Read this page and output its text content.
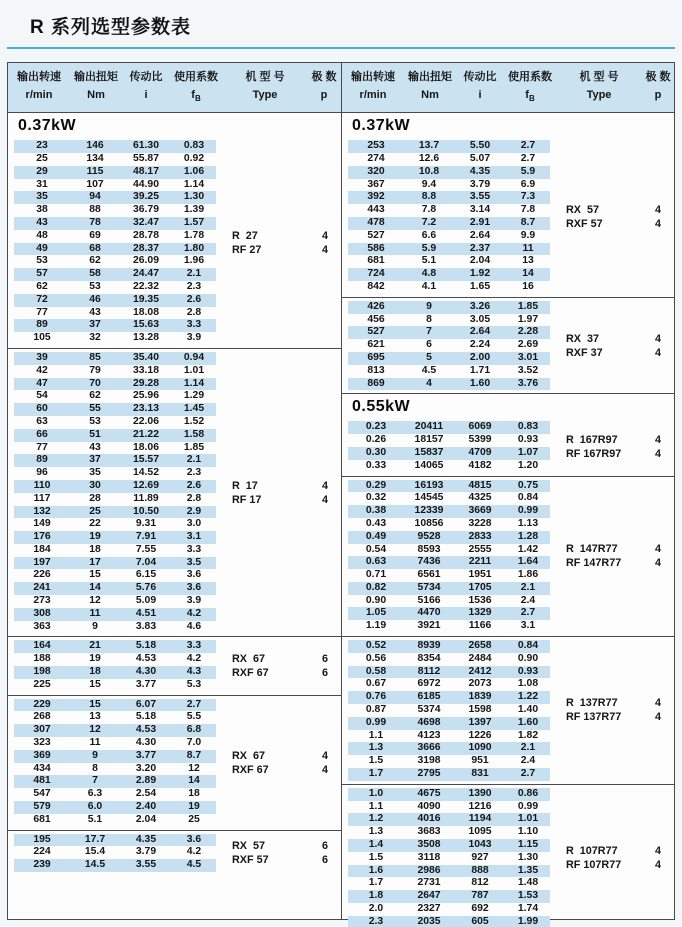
R 系列选型参数表
输出转速	输出扭矩	传动比	使用系数	机 型 号	极 数
r/min	Nm	i	$f_B$	Type	p
0.37kW
23	146	61.30	0.83
25	134	55.87	0.92
29	115	48.17	1.06
31	107	44.90	1.14
35	94	39.25	1.30
38	88	36.79	1.39
43	78	32.47	1.57
48	69	28.78	1.78
49	68	28.37	1.80
53	62	26.09	1.96
57	58	24.47	2.1
62	53	22.32	2.3
72	46	19.35	2.6
77	43	18.08	2.8
89	37	15.63	3.3
105	32	13.28	3.9
R  27	4
RF 27	4
39	85	35.40	0.94
42	79	33.18	1.01
47	70	29.28	1.14
54	62	25.96	1.29
60	55	23.13	1.45
63	53	22.06	1.52
66	51	21.22	1.58
77	43	18.06	1.85
89	37	15.57	2.1
96	35	14.52	2.3
110	30	12.69	2.6
117	28	11.89	2.8
132	25	10.50	2.9
149	22	9.31	3.0
176	19	7.91	3.1
184	18	7.55	3.3
197	17	7.04	3.5
226	15	6.15	3.6
241	14	5.76	3.6
273	12	5.09	3.9
308	11	4.51	4.2
363	9	3.83	4.6
R  17	4
RF 17	4
164	21	5.18	3.3
188	19	4.53	4.2
198	18	4.30	4.3
225	15	3.77	5.3
RX  67	6
RXF 67	6
229	15	6.07	2.7
268	13	5.18	5.5
307	12	4.53	6.8
323	11	4.30	7.0
369	9	3.77	8.7
434	8	3.20	12
481	7	2.89	14
547	6.3	2.54	18
579	6.0	2.40	19
681	5.1	2.04	25
RX  67	4
RXF 67	4
195	17.7	4.35	3.6
224	15.4	3.79	4.2
239	14.5	3.55	4.5
RX  57	6
RXF 57	6
输出转速	输出扭矩	传动比	使用系数	机 型 号	极 数
r/min	Nm	i	$f_B$	Type	p
0.37kW
253	13.7	5.50	2.7
274	12.6	5.07	2.7
320	10.8	4.35	5.9
367	9.4	3.79	6.9
392	8.8	3.55	7.3
443	7.8	3.14	7.8
478	7.2	2.91	8.7
527	6.6	2.64	9.9
586	5.9	2.37	11
681	5.1	2.04	13
724	4.8	1.92	14
842	4.1	1.65	16
RX  57	4
RXF 57	4
426	9	3.26	1.85
456	8	3.05	1.97
527	7	2.64	2.28
621	6	2.24	2.69
695	5	2.00	3.01
813	4.5	1.71	3.52
869	4	1.60	3.76
RX  37	4
RXF 37	4
0.55kW
0.23	20411	6069	0.83
0.26	18157	5399	0.93
0.30	15837	4709	1.07
0.33	14065	4182	1.20
R  167R97	4
RF 167R97	4
0.29	16193	4815	0.75
0.32	14545	4325	0.84
0.38	12339	3669	0.99
0.43	10856	3228	1.13
0.49	9528	2833	1.28
0.54	8593	2555	1.42
0.63	7436	2211	1.64
0.71	6561	1951	1.86
0.82	5734	1705	2.1
0.90	5166	1536	2.4
1.05	4470	1329	2.7
1.19	3921	1166	3.1
R  147R77	4
RF 147R77	4
0.52	8939	2658	0.84
0.56	8354	2484	0.90
0.58	8112	2412	0.93
0.67	6972	2073	1.08
0.76	6185	1839	1.22
0.87	5374	1598	1.40
0.99	4698	1397	1.60
1.1	4123	1226	1.82
1.3	3666	1090	2.1
1.5	3198	951	2.4
1.7	2795	831	2.7
R  137R77	4
RF 137R77	4
1.0	4675	1390	0.86
1.1	4090	1216	0.99
1.2	4016	1194	1.01
1.3	3683	1095	1.10
1.4	3508	1043	1.15
1.5	3118	927	1.30
1.6	2986	888	1.35
1.7	2731	812	1.48
1.8	2647	787	1.53
2.0	2327	692	1.74
2.3	2035	605	1.99
R  107R77	4
RF 107R77	4
